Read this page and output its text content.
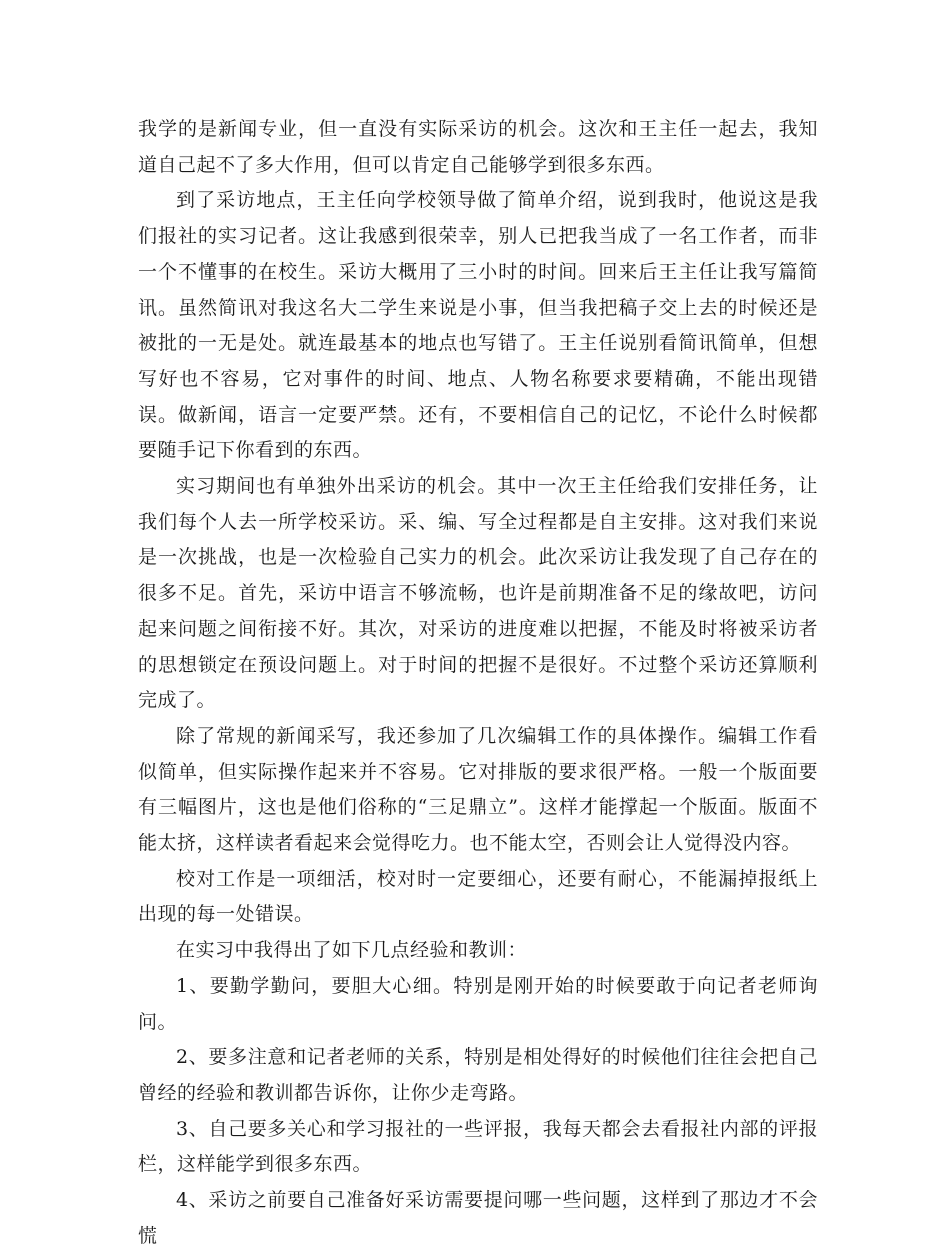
我学的是新闻专业，但一直没有实际采访的机会。这次和王主任一起去，我知道自己起不了多大作用，但可以肯定自己能够学到很多东西。

到了采访地点，王主任向学校领导做了简单介绍，说到我时，他说这是我们报社的实习记者。这让我感到很荣幸，别人已把我当成了一名工作者，而非一个不懂事的在校生。采访大概用了三小时的时间。回来后王主任让我写篇简讯。虽然简讯对我这名大二学生来说是小事，但当我把稿子交上去的时候还是被批的一无是处。就连最基本的地点也写错了。王主任说别看简讯简单，但想写好也不容易，它对事件的时间、地点、人物名称要求要精确，不能出现错误。做新闻，语言一定要严禁。还有，不要相信自己的记忆，不论什么时候都要随手记下你看到的东西。

实习期间也有单独外出采访的机会。其中一次王主任给我们安排任务，让我们每个人去一所学校采访。采、编、写全过程都是自主安排。这对我们来说是一次挑战，也是一次检验自己实力的机会。此次采访让我发现了自己存在的很多不足。首先，采访中语言不够流畅，也许是前期准备不足的缘故吧，访问起来问题之间衔接不好。其次，对采访的进度难以把握，不能及时将被采访者的思想锁定在预设问题上。对于时间的把握不是很好。不过整个采访还算顺利完成了。

除了常规的新闻采写，我还参加了几次编辑工作的具体操作。编辑工作看似简单，但实际操作起来并不容易。它对排版的要求很严格。一般一个版面要有三幅图片，这也是他们俗称的“三足鼎立”。这样才能撑起一个版面。版面不能太挤，这样读者看起来会觉得吃力。也不能太空，否则会让人觉得没内容。

校对工作是一项细活，校对时一定要细心，还要有耐心，不能漏掉报纸上出现的每一处错误。

在实习中我得出了如下几点经验和教训：

1、要勤学勤问，要胆大心细。特别是刚开始的时候要敢于向记者老师询问。

2、要多注意和记者老师的关系，特别是相处得好的时候他们往往会把自己曾经的经验和教训都告诉你，让你少走弯路。

3、自己要多关心和学习报社的一些评报，我每天都会去看报社内部的评报栏，这样能学到很多东西。

4、采访之前要自己准备好采访需要提问哪一些问题，这样到了那边才不会慌
